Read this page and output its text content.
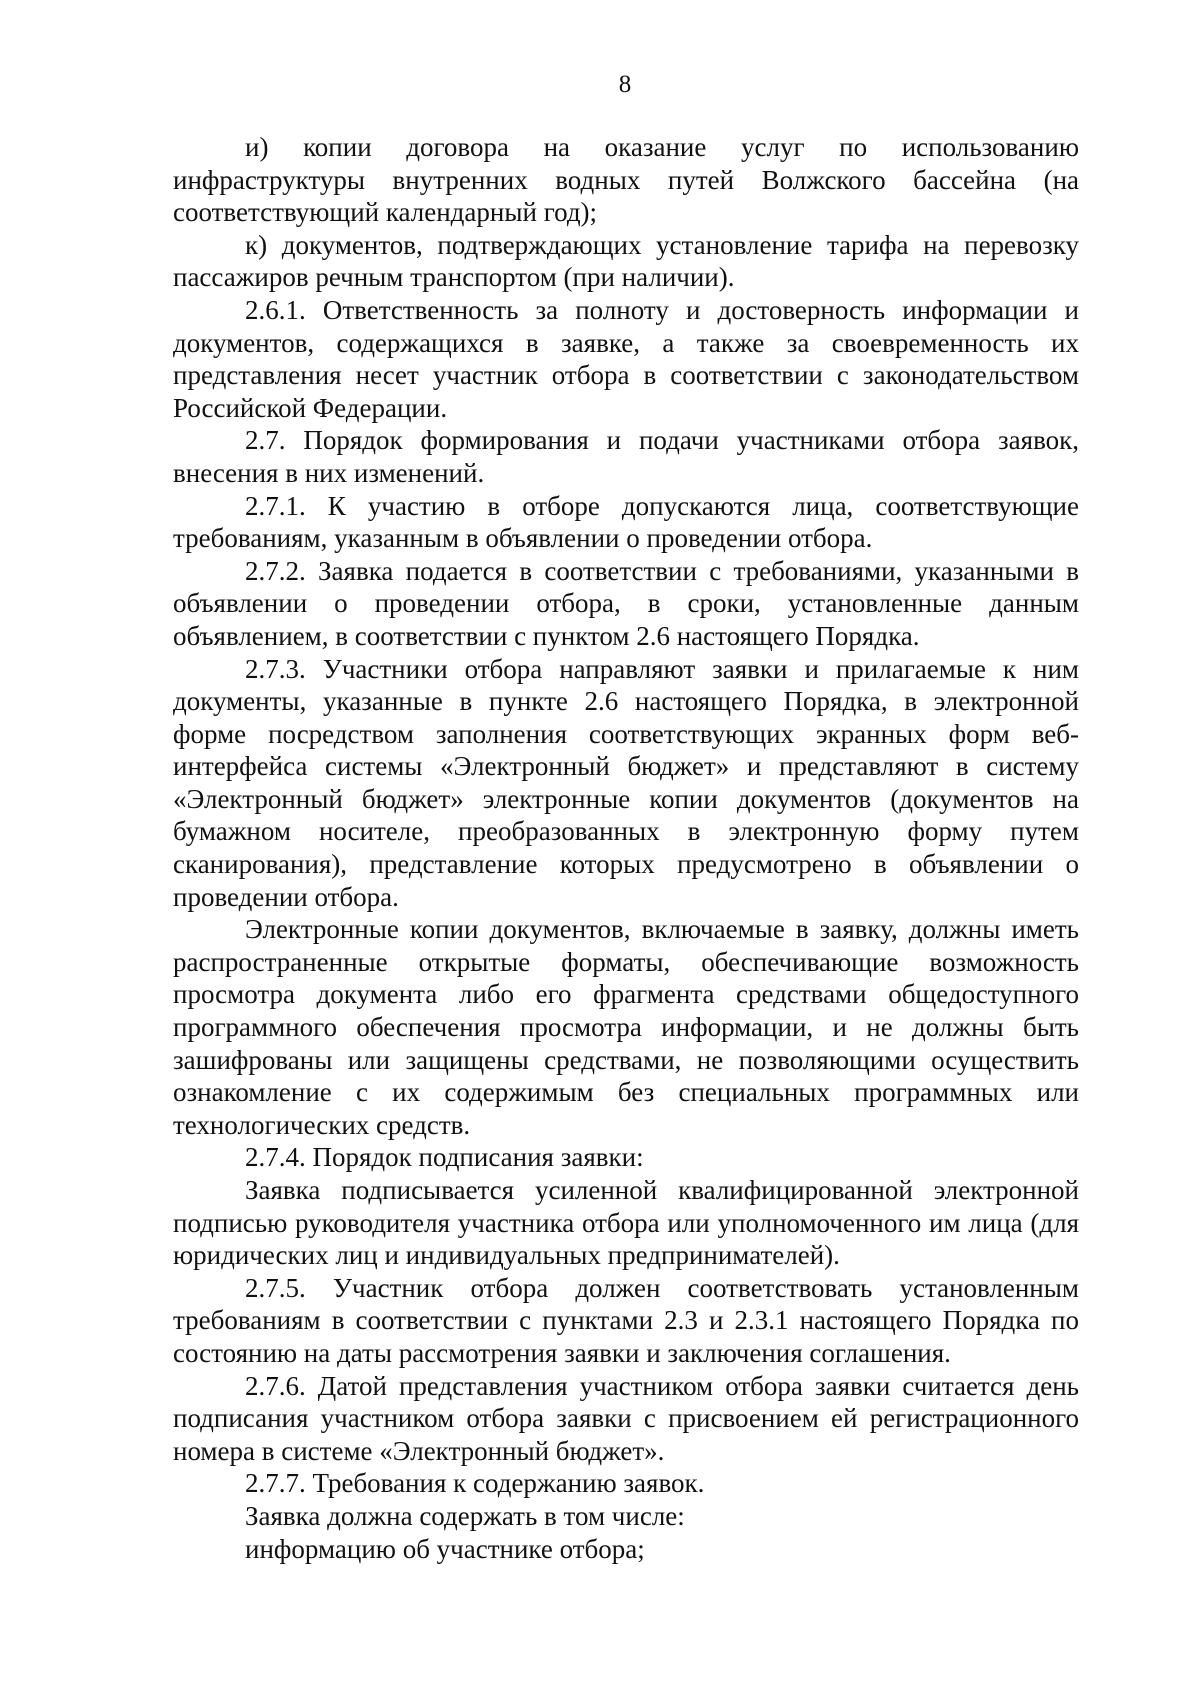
8

и) копии договора на оказание услуг по использованию инфраструктуры внутренних водных путей Волжского бассейна (на соответствующий календарный год);

к) документов, подтверждающих установление тарифа на перевозку пассажиров речным транспортом (при наличии).

2.6.1. Ответственность за полноту и достоверность информации и документов, содержащихся в заявке, а также за своевременность их представления несет участник отбора в соответствии с законодательством Российской Федерации.

2.7. Порядок формирования и подачи участниками отбора заявок, внесения в них изменений.

2.7.1. К участию в отборе допускаются лица, соответствующие требованиям, указанным в объявлении о проведении отбора.

2.7.2. Заявка подается в соответствии с требованиями, указанными в объявлении о проведении отбора, в сроки, установленные данным объявлением, в соответствии с пунктом 2.6 настоящего Порядка.

2.7.3. Участники отбора направляют заявки и прилагаемые к ним документы, указанные в пункте 2.6 настоящего Порядка, в электронной форме посредством заполнения соответствующих экранных форм веб-интерфейса системы «Электронный бюджет» и представляют в систему «Электронный бюджет» электронные копии документов (документов на бумажном носителе, преобразованных в электронную форму путем сканирования), представление которых предусмотрено в объявлении о проведении отбора.

Электронные копии документов, включаемые в заявку, должны иметь распространенные открытые форматы, обеспечивающие возможность просмотра документа либо его фрагмента средствами общедоступного программного обеспечения просмотра информации, и не должны быть зашифрованы или защищены средствами, не позволяющими осуществить ознакомление с их содержимым без специальных программных или технологических средств.

2.7.4. Порядок подписания заявки:

Заявка подписывается усиленной квалифицированной электронной подписью руководителя участника отбора или уполномоченного им лица (для юридических лиц и индивидуальных предпринимателей).

2.7.5. Участник отбора должен соответствовать установленным требованиям в соответствии с пунктами 2.3 и 2.3.1 настоящего Порядка по состоянию на даты рассмотрения заявки и заключения соглашения.

2.7.6. Датой представления участником отбора заявки считается день подписания участником отбора заявки с присвоением ей регистрационного номера в системе «Электронный бюджет».

2.7.7. Требования к содержанию заявок.

Заявка должна содержать в том числе:

информацию об участнике отбора;
